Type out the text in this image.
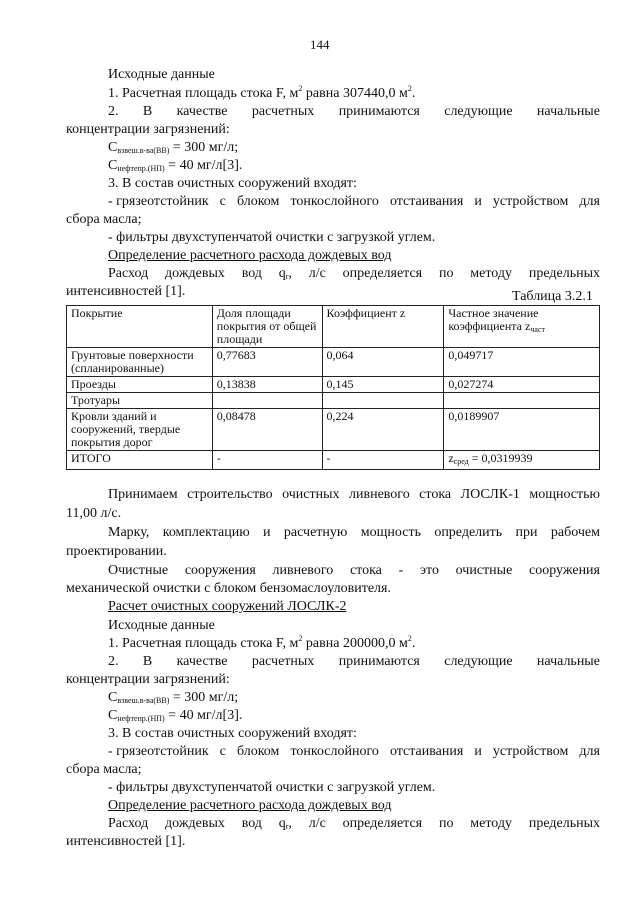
144
Исходные данные
1. Расчетная площадь стока F, $м^2$ равна 307440,0 $м^2$.
2. В качестве расчетных принимаются следующие начальные
концентрации загрязнений:
$С_{взвеш.в-ва(ВВ)} = 300$ мг/л;
$С_{нефтепр.(НП)} = 40$ мг/л[3].
3. В состав очистных сооружений входят:
- грязеотстойник с блоком тонкослойного отстаивания и устройством для
сбора масла;
- фильтры двухступенчатой очистки с загрузкой углем.
Определение расчетного расхода дождевых вод
Расход дождевых вод $q_r$, л/с определяется по методу предельных
интенсивностей [1].	Таблица 3.2.1
Покрытие	Доля площади покрытия от общей площади	Коэффициент z	Частное значение коэффициента zчаст
Грунтовые поверхности (спланированные)	0,77683	0,064	0,049717
Проезды	0,13838	0,145	0,027274
Тротуары			
Кровли зданий и сооружений, твердые покрытия дорог	0,08478	0,224	0,0189907
ИТОГО	-	-	zсред = 0,0319939
Принимаем строительство очистных ливневого стока ЛОСЛК-1 мощностью
11,00 л/с.
Марку, комплектацию и расчетную мощность определить при рабочем
проектировании.
Очистные сооружения ливневого стока - это очистные сооружения
механической очистки с блоком бензомаслоуловителя.
Расчет очистных сооружений ЛОСЛК-2
Исходные данные
1. Расчетная площадь стока F, $м^2$ равна 200000,0 $м^2$.
2. В качестве расчетных принимаются следующие начальные
концентрации загрязнений:
$С_{взвеш.в-ва(ВВ)} = 300$ мг/л;
$С_{нефтепр.(НП)} = 40$ мг/л[3].
3. В состав очистных сооружений входят:
- грязеотстойник с блоком тонкослойного отстаивания и устройством для
сбора масла;
- фильтры двухступенчатой очистки с загрузкой углем.
Определение расчетного расхода дождевых вод
Расход дождевых вод $q_r$, л/с определяется по методу предельных
интенсивностей [1].
